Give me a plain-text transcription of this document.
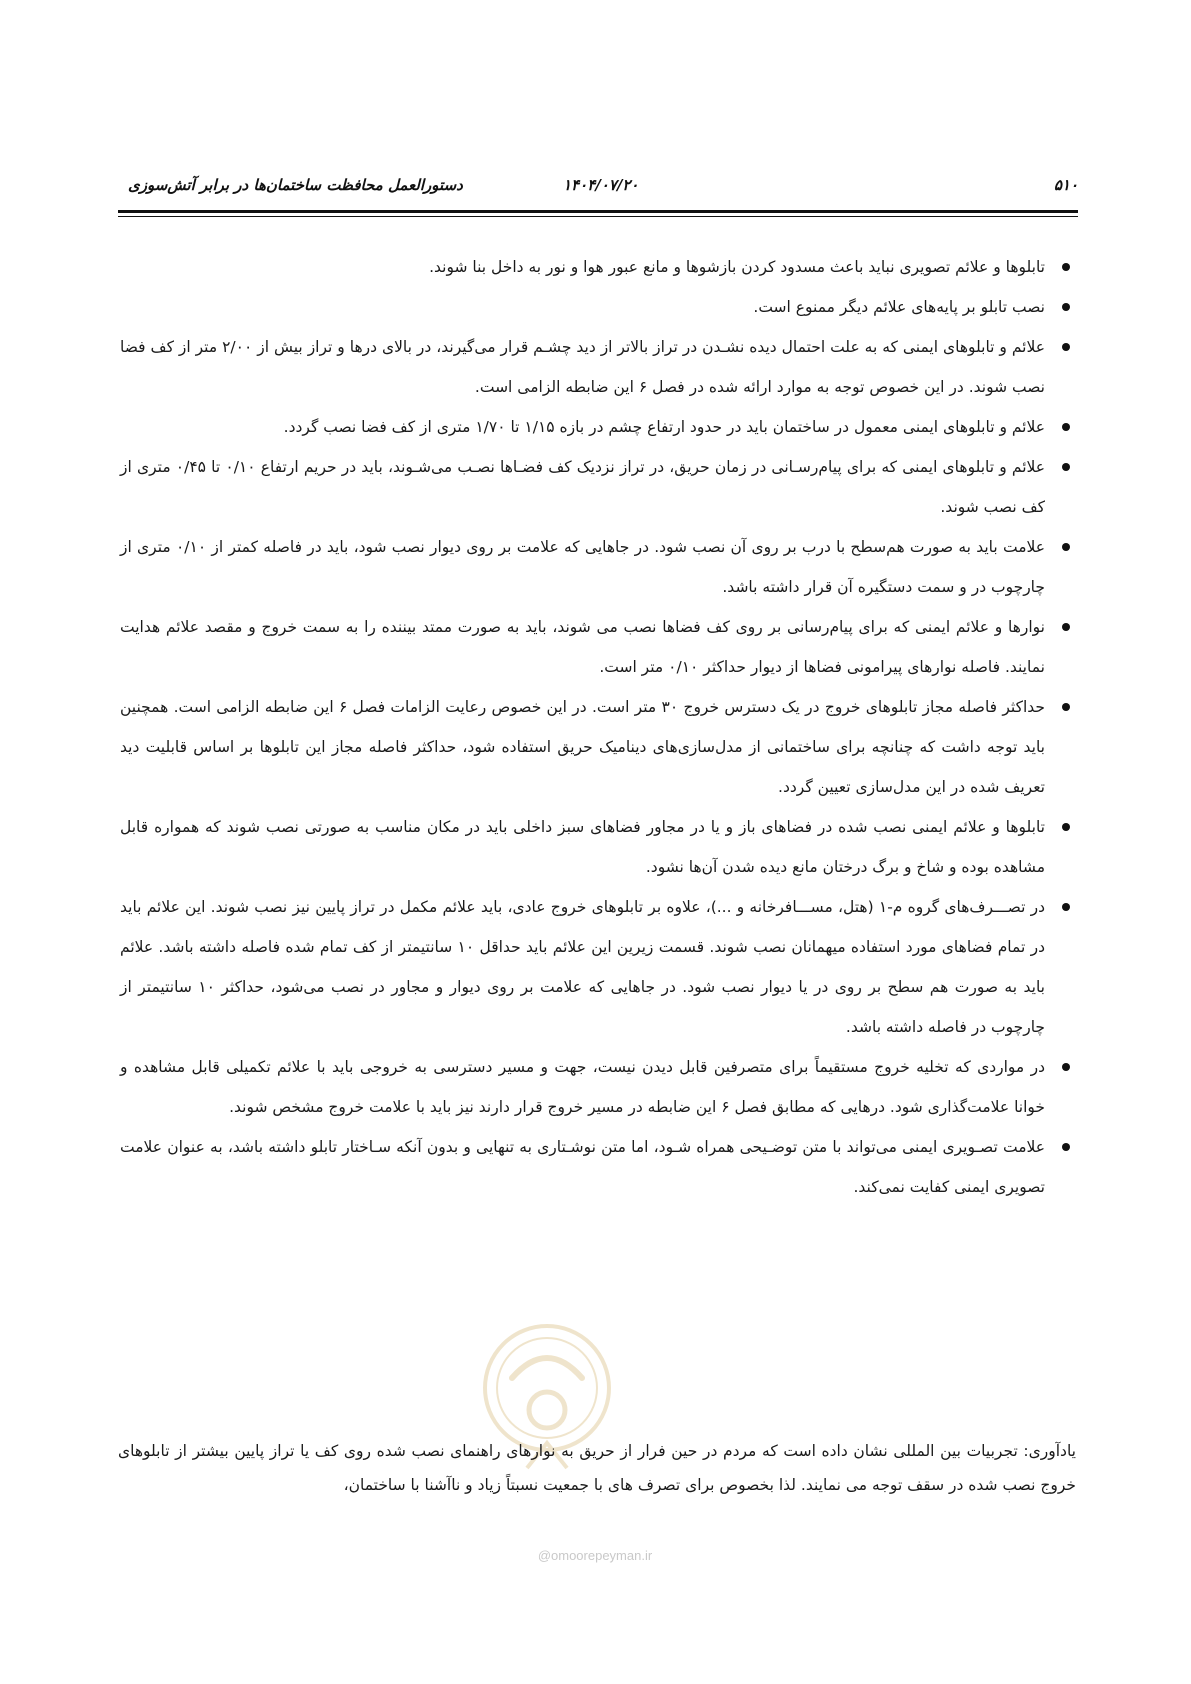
۵۱۰
۱۴۰۴/۰۷/۲۰
دستورالعمل محافظت ساختمان‌ها در برابر آتش‌سوزی
تابلوها و علائم تصویری نباید باعث مسدود کردن بازشوها و مانع عبور هوا و نور به داخل بنا شوند.
نصب تابلو بر پایه‌های علائم دیگر ممنوع است.
علائم و تابلوهای ایمنی که به علت احتمال دیده نشـدن در تراز بالاتر از دید چشـم قرار می‌گیرند، در بالای درها و تراز بیش از ۲/۰۰ متر از کف فضا نصب شوند. در این خصوص توجه به موارد ارائه شده در فصل ۶ این ضابطه الزامی است.
علائم و تابلوهای ایمنی معمول در ساختمان باید در حدود ارتفاع چشم در بازه ۱/۱۵ تا ۱/۷۰ متری از کف فضا نصب گردد.
علائم و تابلوهای ایمنی که برای پیام‌رسـانی در زمان حریق، در تراز نزدیک کف فضـاها نصـب می‌شـوند، باید در حریم ارتفاع ۰/۱۰ تا ۰/۴۵ متری از کف نصب شوند.
علامت باید به صورت هم‌سطح با درب بر روی آن نصب شود. در جاهایی که علامت بر روی دیوار نصب شود، باید در فاصله کمتر از ۰/۱۰ متری از چارچوب در و سمت دستگیره آن قرار داشته باشد.
نوارها و علائم ایمنی که برای پیام‌رسانی بر روی کف فضاها نصب می شوند، باید به صورت ممتد بیننده را به سمت خروج و مقصد علائم هدایت نمایند. فاصله نوارهای پیرامونی فضاها از دیوار حداکثر ۰/۱۰ متر است.
حداکثر فاصله مجاز تابلوهای خروج در یک دسترس خروج ۳۰ متر است. در این خصوص رعایت الزامات فصل ۶ این ضابطه الزامی است. همچنین باید توجه داشت که چنانچه برای ساختمانی از مدل‌سازی‌های دینامیک حریق استفاده شود، حداکثر فاصله مجاز این تابلوها بر اساس قابلیت دید تعریف شده در این مدل‌سازی تعیین گردد.
تابلوها و علائم ایمنی نصب شده در فضاهای باز و یا در مجاور فضاهای سبز داخلی باید در مکان مناسب به صورتی نصب شوند که همواره قابل مشاهده بوده و شاخ و برگ درختان مانع دیده شدن آن‌ها نشود.
در تصـــرف‌های گروه م-۱ (هتل، مســـافرخانه و ...)، علاوه بر تابلوهای خروج عادی، باید علائم مکمل در تراز پایین نیز نصب شوند. این علائم باید در تمام فضاهای مورد استفاده میهمانان نصب شوند. قسمت زیرین این علائم باید حداقل ۱۰ سانتیمتر از کف تمام شده فاصله داشته باشد. علائم باید به صورت هم سطح بر روی در یا دیوار نصب شود. در جاهایی که علامت بر روی دیوار و مجاور در نصب می‌شود، حداکثر ۱۰ سانتیمتر از چارچوب در فاصله داشته باشد.
در مواردی که تخلیه خروج مستقیماً برای متصرفین قابل دیدن نیست، جهت و مسیر دسترسی به خروجی باید با علائم تکمیلی قابل مشاهده و خوانا علامت‌گذاری شود. درهایی که مطابق فصل ۶ این ضابطه در مسیر خروج قرار دارند نیز باید با علامت خروج مشخص شوند.
علامت تصـویری ایمنی می‌تواند با متن توضـیحی همراه شـود، اما متن نوشـتاری به تنهایی و بدون آنکه سـاختار تابلو داشته باشد، به عنوان علامت تصویری ایمنی کفایت نمی‌کند.
یادآوری: تجربیات بین المللی نشان داده است که مردم در حین فرار از حریق به نوارهای راهنمای نصب شده روی کف یا تراز پایین بیشتر از تابلوهای خروج نصب شده در سقف توجه می نمایند. لذا بخصوص برای تصرف های با جمعیت نسبتاً زیاد و ناآشنا با ساختمان،
@omoorepeyman.ir
